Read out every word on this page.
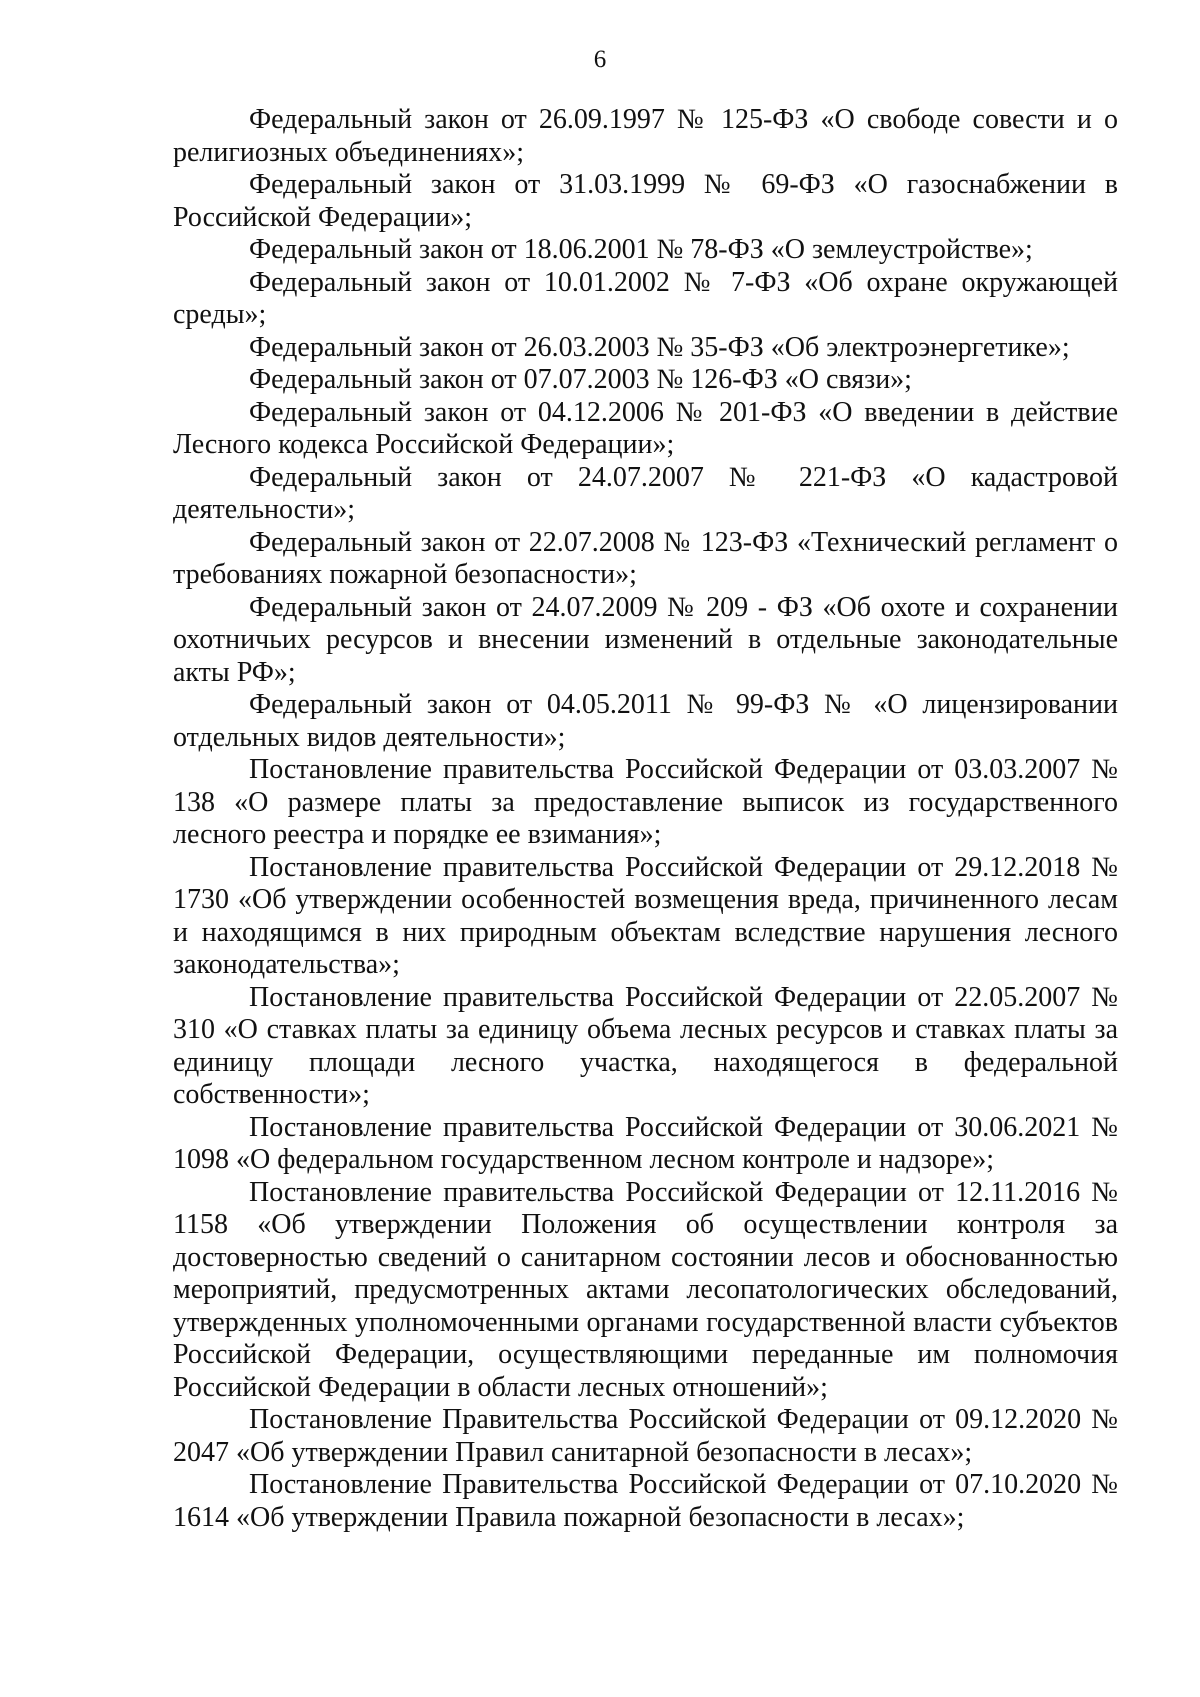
6

Федеральный закон от 26.09.1997 № 125-ФЗ «О свободе совести и о религиозных объединениях»;

Федеральный закон от 31.03.1999 № 69-ФЗ «О газоснабжении в Российской Федерации»;

Федеральный закон от 18.06.2001 № 78-ФЗ «О землеустройстве»;

Федеральный закон от 10.01.2002 № 7-ФЗ «Об охране окружающей среды»;

Федеральный закон от 26.03.2003 № 35-ФЗ «Об электроэнергетике»;

Федеральный закон от 07.07.2003 № 126-ФЗ «О связи»;

Федеральный закон от 04.12.2006 № 201-ФЗ «О введении в действие Лесного кодекса Российской Федерации»;

Федеральный закон от 24.07.2007 № 221-ФЗ «О кадастровой деятельности»;

Федеральный закон от 22.07.2008 № 123-ФЗ «Технический регламент о требованиях пожарной безопасности»;

Федеральный закон от 24.07.2009 № 209 - ФЗ «Об охоте и сохранении охотничьих ресурсов и внесении изменений в отдельные законодательные акты РФ»;

Федеральный закон от 04.05.2011 № 99-ФЗ № «О лицензировании отдельных видов деятельности»;

Постановление правительства Российской Федерации от 03.03.2007 № 138 «О размере платы за предоставление выписок из государственного лесного реестра и порядке ее взимания»;

Постановление правительства Российской Федерации от 29.12.2018 № 1730 «Об утверждении особенностей возмещения вреда, причиненного лесам и находящимся в них природным объектам вследствие нарушения лесного законодательства»;

Постановление правительства Российской Федерации от 22.05.2007 № 310 «О ставках платы за единицу объема лесных ресурсов и ставках платы за единицу площади лесного участка, находящегося в федеральной собственности»;

Постановление правительства Российской Федерации от 30.06.2021 № 1098 «О федеральном государственном лесном контроле и надзоре»;

Постановление правительства Российской Федерации от 12.11.2016 № 1158 «Об утверждении Положения об осуществлении контроля за достоверностью сведений о санитарном состоянии лесов и обоснованностью мероприятий, предусмотренных актами лесопатологических обследований, утвержденных уполномоченными органами государственной власти субъектов Российской Федерации, осуществляющими переданные им полномочия Российской Федерации в области лесных отношений»;

Постановление Правительства Российской Федерации от 09.12.2020 № 2047 «Об утверждении Правил санитарной безопасности в лесах»;

Постановление Правительства Российской Федерации от 07.10.2020 № 1614 «Об утверждении Правила пожарной безопасности в лесах»;
